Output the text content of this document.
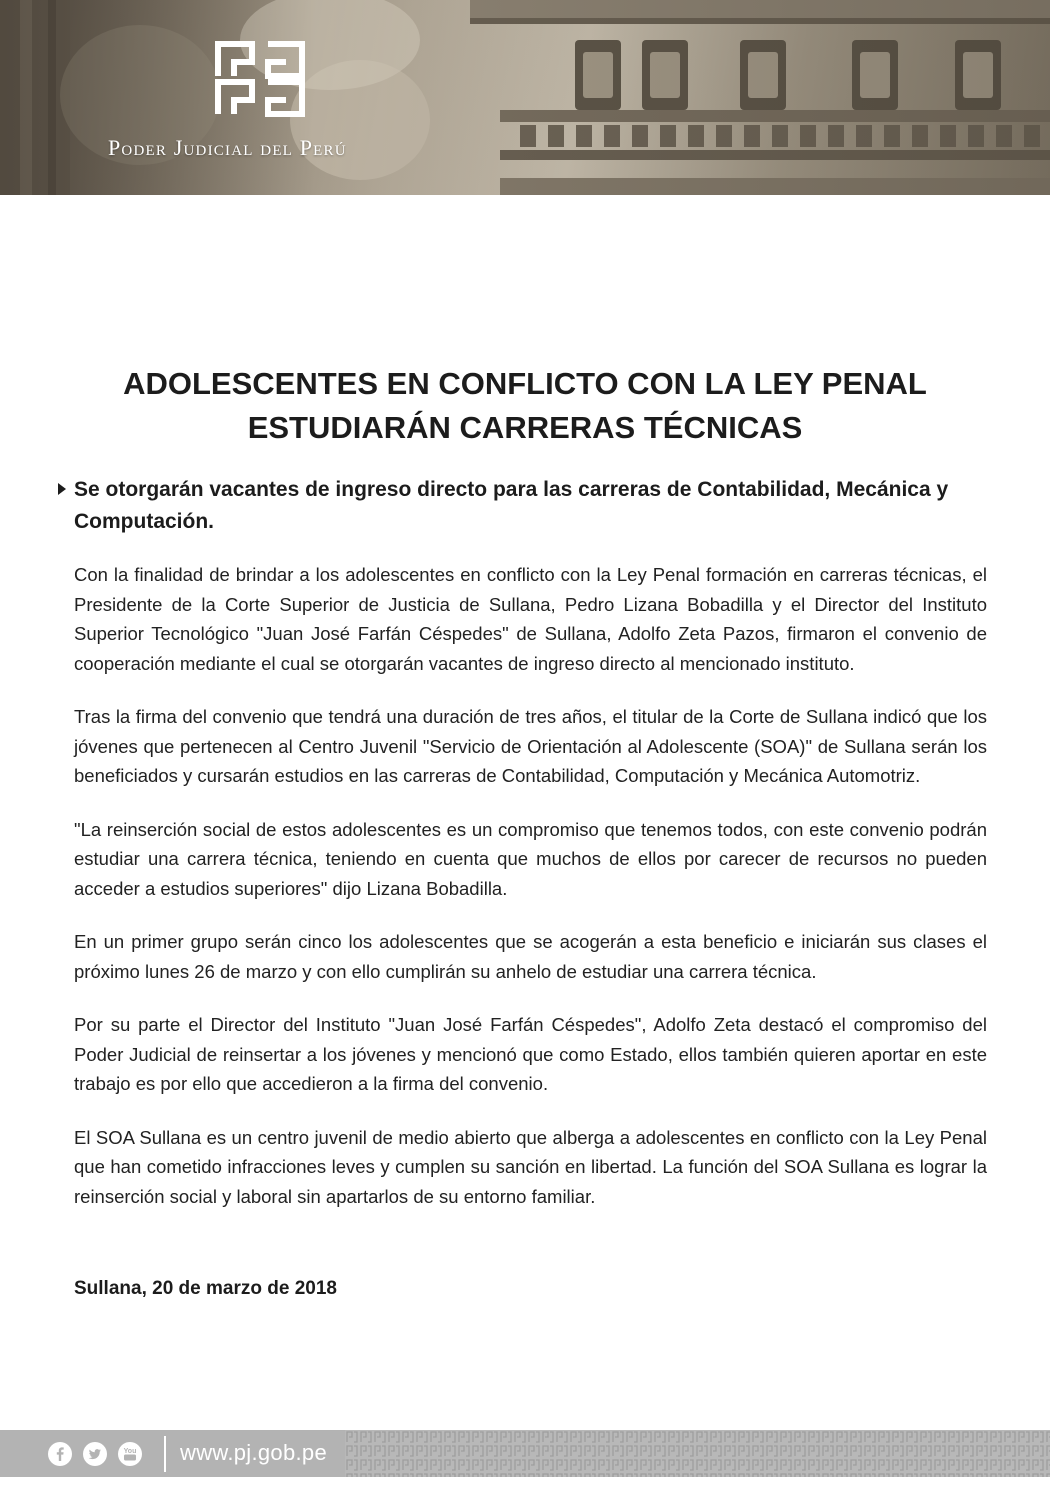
Poder Judicial del Perú
ADOLESCENTES EN CONFLICTO CON LA LEY PENAL
ESTUDIARÁN CARRERAS TÉCNICAS
Se otorgarán vacantes de ingreso directo para las carreras de Contabilidad, Mecánica y Computación.

Con la finalidad de brindar a los adolescentes en conflicto con la Ley Penal formación en carreras técnicas, el Presidente de la Corte Superior de Justicia de Sullana, Pedro Lizana Bobadilla y el Director del Instituto Superior Tecnológico "Juan José Farfán Céspedes" de Sullana, Adolfo Zeta Pazos, firmaron el convenio de cooperación mediante el cual se otorgarán vacantes de ingreso directo al mencionado instituto.

Tras la firma del convenio que tendrá una duración de tres años, el titular de la Corte de Sullana indicó que los jóvenes que pertenecen al Centro Juvenil "Servicio de Orientación al Adolescente (SOA)" de Sullana serán los beneficiados y cursarán estudios en las carreras de Contabilidad, Computación y Mecánica Automotriz.

"La reinserción social de estos adolescentes es un compromiso que tenemos todos, con este convenio podrán estudiar una carrera técnica, teniendo en cuenta que muchos de ellos por carecer de recursos no pueden acceder a estudios superiores" dijo Lizana Bobadilla.

En un primer grupo serán cinco los adolescentes que se acogerán a esta beneficio e iniciarán sus clases el próximo lunes 26 de marzo y con ello cumplirán su anhelo de estudiar una carrera técnica.

Por su parte el Director del Instituto "Juan José Farfán Céspedes", Adolfo Zeta destacó el compromiso del Poder Judicial de reinsertar a los jóvenes y mencionó que como Estado, ellos también quieren aportar en este trabajo es por ello que accedieron a la firma del convenio.

El SOA Sullana es un centro juvenil de medio abierto que alberga a adolescentes en conflicto con la Ley Penal que han cometido infracciones leves y cumplen su sanción en libertad. La función del SOA Sullana es lograr la reinserción social y laboral sin apartarlos de su entorno familiar.

Sullana, 20 de marzo de 2018
You www.pj.gob.pe
